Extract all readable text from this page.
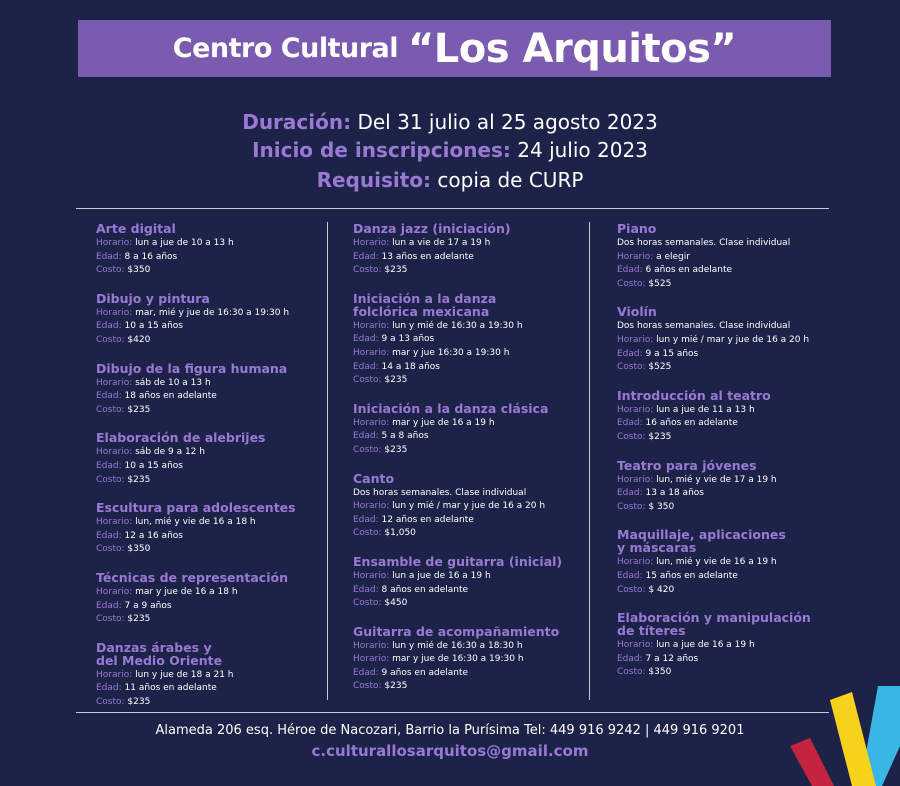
Centro Cultural “Los Arquitos”
Duración: Del 31 julio al 25 agosto 2023
Inicio de inscripciones: 24 julio 2023
Requisito: copia de CURP
Arte digital
Horario: lun a jue de 10 a 13 h
Edad: 8 a 16 años
Costo: $350
Dibujo y pintura
Horario: mar, mié y jue de 16:30 a 19:30 h
Edad: 10 a 15 años
Costo: $420
Dibujo de la figura humana
Horario: sáb de 10 a 13 h
Edad: 18 años en adelante
Costo: $235
Elaboración de alebrijes
Horario: sáb de 9 a 12 h
Edad: 10 a 15 años
Costo: $235
Escultura para adolescentes
Horario: lun, mié y vie de 16 a 18 h
Edad: 12 a 16 años
Costo: $350
Técnicas de representación
Horario: mar y jue de 16 a 18 h
Edad: 7 a 9 años
Costo: $235
Danzas árabes y
del Medio Oriente
Horario: lun y jue de 18 a 21 h
Edad: 11 años en adelante
Costo: $235
Danza jazz (iniciación)
Horario: lun a vie de 17 a 19 h
Edad: 13 años en adelante
Costo: $235
Iniciación a la danza
folclórica mexicana
Horario: lun y mié de 16:30 a 19:30 h
Edad: 9 a 13 años
Horario: mar y jue 16:30 a 19:30 h
Edad: 14 a 18 años
Costo: $235
Iniciación a la danza clásica
Horario: mar y jue de 16 a 19 h
Edad: 5 a 8 años
Costo: $235
Canto
Dos horas semanales. Clase individual
Horario: lun y mié / mar y jue de 16 a 20 h
Edad: 12 años en adelante
Costo: $1,050
Ensamble de guitarra (inicial)
Horario: lun a jue de 16 a 19 h
Edad: 8 años en adelante
Costo: $450
Guitarra de acompañamiento
Horario: lun y mié de 16:30 a 18:30 h
Horario: mar y jue de 16:30 a 19:30 h
Edad: 9 años en adelante
Costo: $235
Piano
Dos horas semanales. Clase individual
Horario: a elegir
Edad: 6 años en adelante
Costo: $525
Violín
Dos horas semanales. Clase individual
Horario: lun y mié / mar y jue de 16 a 20 h
Edad: 9 a 15 años
Costo: $525
Introducción al teatro
Horario: lun a jue de 11 a 13 h
Edad: 16 años en adelante
Costo: $235
Teatro para jóvenes
Horario: lun, mié y vie de 17 a 19 h
Edad: 13 a 18 años
Costo: $ 350
Maquillaje, aplicaciones
y máscaras
Horario: lun, mié y vie de 16 a 19 h
Edad: 15 años en adelante
Costo: $ 420
Elaboración y manipulación
de títeres
Horario: lun a jue de 16 a 19 h
Edad: 7 a 12 años
Costo: $350
Alameda 206 esq. Héroe de Nacozari, Barrio la Purísima Tel: 449 916 9242 | 449 916 9201
c.culturallosarquitos@gmail.com
